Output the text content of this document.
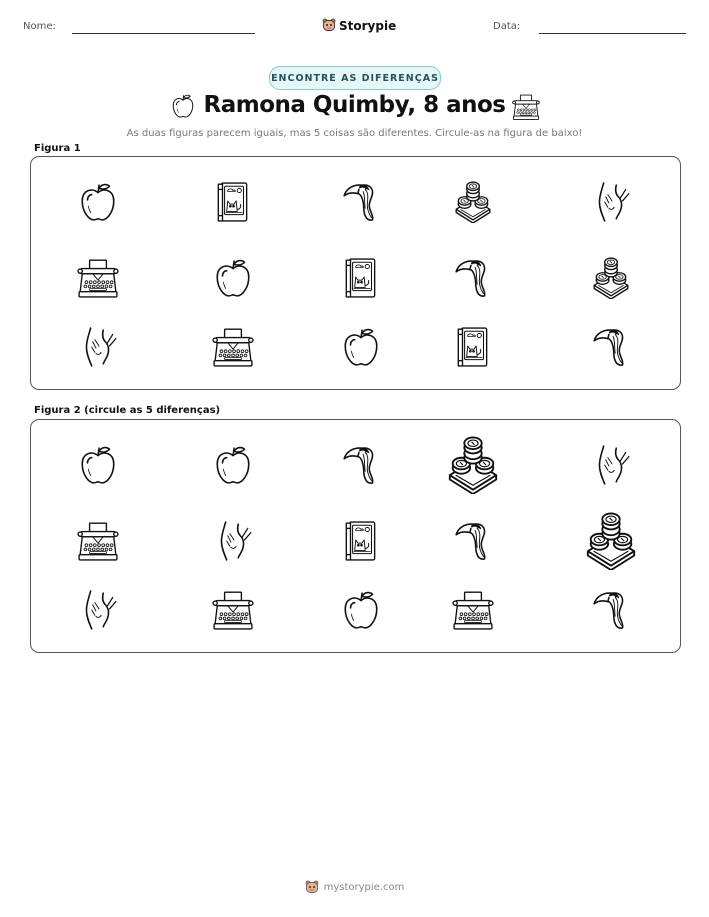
Nome:	Storypie	Data:
ENCONTRE AS DIFERENÇAS
Ramona Quimby, 8 anos
As duas figuras parecem iguais, mas 5 coisas são diferentes. Circule-as na figura de baixo!
Figura 1
Figura 2 (circule as 5 diferenças)
mystorypie.com
